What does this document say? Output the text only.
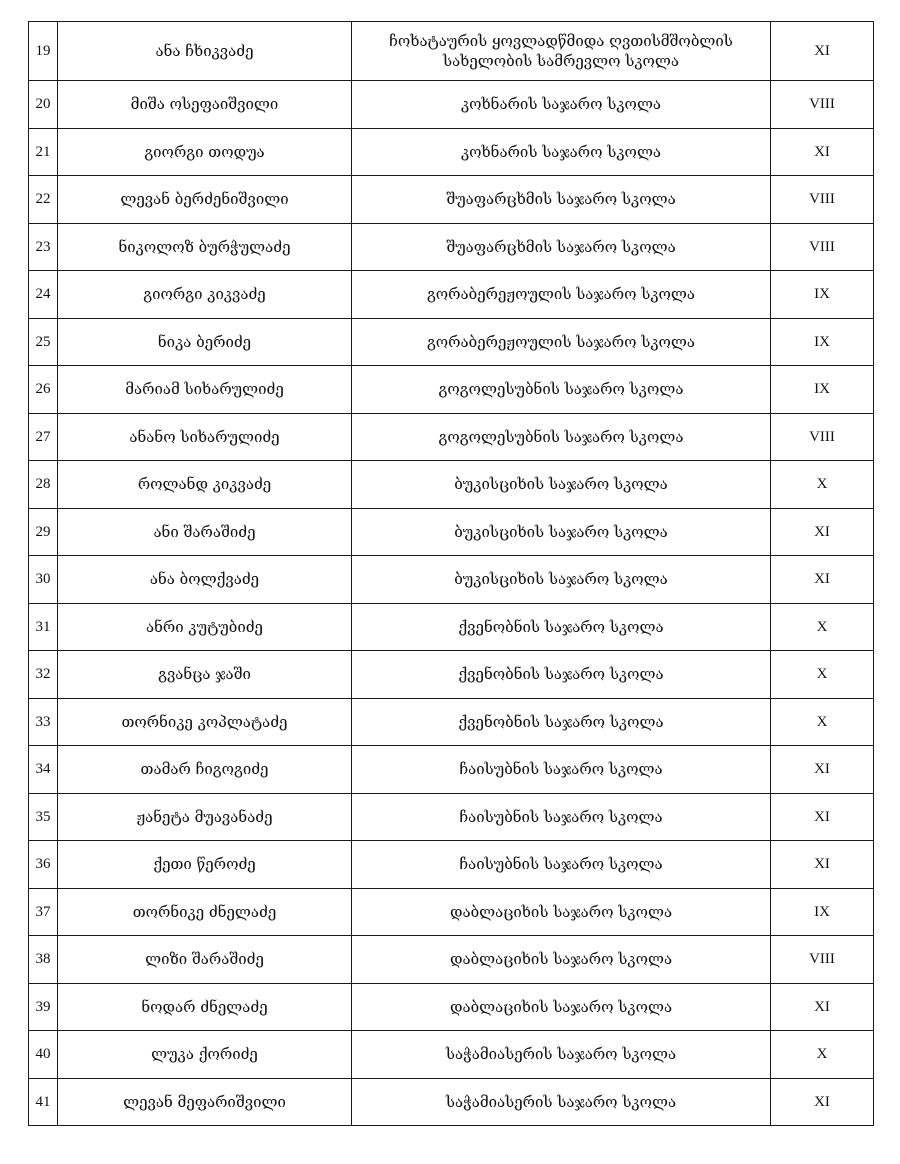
19	ანა ჩხიკვაძე	ჩოხატაურის ყოვლადწმიდა ღვთისმშობლის სახელობის სამრევლო სკოლა	XI
20	მიშა ოსეფაიშვილი	კოხნარის საჯარო სკოლა	VIII
21	გიორგი თოდუა	კოხნარის საჯარო სკოლა	XI
22	ლევან ბერძენიშვილი	შუაფარცხმის საჯარო სკოლა	VIII
23	ნიკოლოზ ბურჭულაძე	შუაფარცხმის საჯარო სკოლა	VIII
24	გიორგი კიკვაძე	გორაბერეჟოულის საჯარო სკოლა	IX
25	ნიკა ბერიძე	გორაბერეჟოულის საჯარო სკოლა	IX
26	მარიამ სიხარულიძე	გოგოლესუბნის საჯარო სკოლა	IX
27	ანანო სიხარულიძე	გოგოლესუბნის საჯარო სკოლა	VIII
28	როლანდ კიკვაძე	ბუკისციხის საჯარო სკოლა	X
29	ანი შარაშიძე	ბუკისციხის საჯარო სკოლა	XI
30	ანა ბოლქვაძე	ბუკისციხის საჯარო სკოლა	XI
31	ანრი კუტუბიძე	ქვენობნის საჯარო სკოლა	X
32	გვანცა ჯაში	ქვენობნის საჯარო სკოლა	X
33	თორნიკე კოპლატაძე	ქვენობნის საჯარო სკოლა	X
34	თამარ ჩიგოგიძე	ჩაისუბნის საჯარო სკოლა	XI
35	ჟანეტა მუავანაძე	ჩაისუბნის საჯარო სკოლა	XI
36	ქეთი წეროძე	ჩაისუბნის საჯარო სკოლა	XI
37	თორნიკე ძნელაძე	დაბლაციხის საჯარო სკოლა	IX
38	ლიზი შარაშიძე	დაბლაციხის საჯარო სკოლა	VIII
39	ნოდარ ძნელაძე	დაბლაციხის საჯარო სკოლა	XI
40	ლუკა ქორიძე	საჭამიასერის საჯარო სკოლა	X
41	ლევან მეფარიშვილი	საჭამიასერის საჯარო სკოლა	XI
